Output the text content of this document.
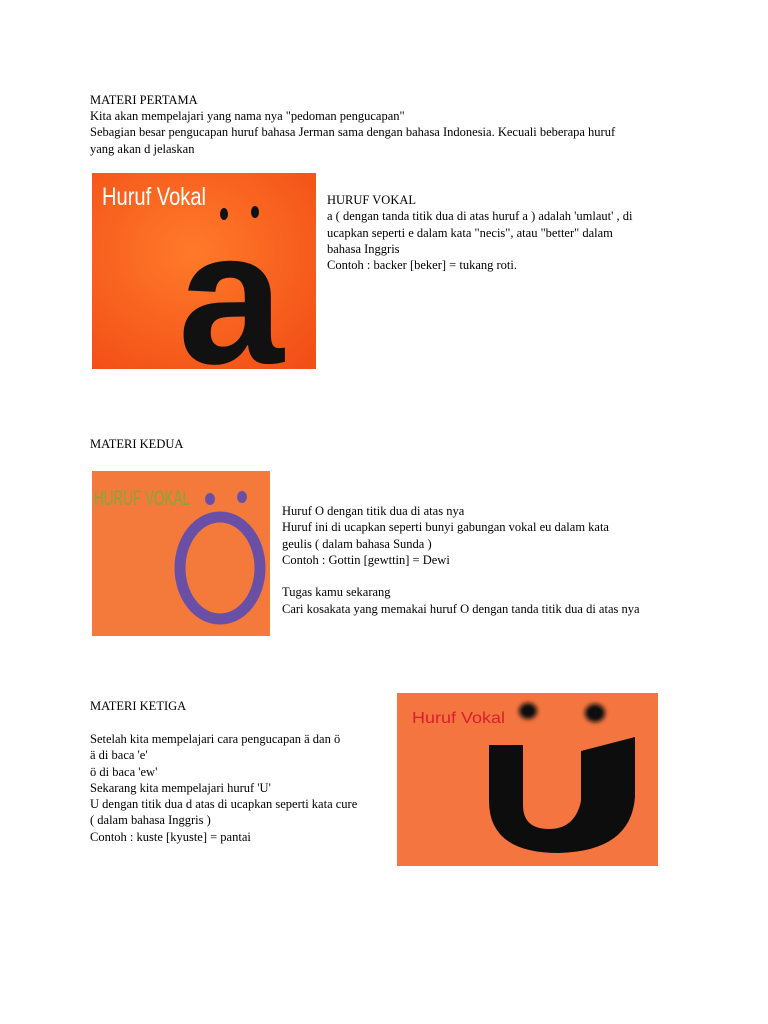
MATERI PERTAMA
Kita akan mempelajari yang nama nya "pedoman pengucapan"
Sebagian besar pengucapan huruf bahasa Jerman sama dengan bahasa Indonesia. Kecuali beberapa huruf
yang akan d jelaskan
Huruf Vokal
a	HURUF VOKAL
a ( dengan tanda titik dua di atas huruf a ) adalah 'umlaut' , di
ucapkan seperti e dalam kata "necis", atau "better" dalam
bahasa Inggris
Contoh : backer [beker] = tukang roti.
MATERI KEDUA
HURUF VOKAL
Huruf O dengan titik dua di atas nya
Huruf ini di ucapkan seperti bunyi gabungan vokal eu dalam kata
geulis ( dalam bahasa Sunda )
Contoh : Gottin [gewttin] = Dewi
Tugas kamu sekarang
Cari kosakata yang memakai huruf O dengan tanda titik dua di atas nya
MATERI KETIGA
Setelah kita mempelajari cara pengucapan ä dan ö
ä di baca 'e'
ö di baca 'ew'
Sekarang kita mempelajari huruf 'U'
U dengan titik dua d atas di ucapkan seperti kata cure
( dalam bahasa Inggris )
Contoh : kuste [kyuste] = pantai
Huruf Vokal
